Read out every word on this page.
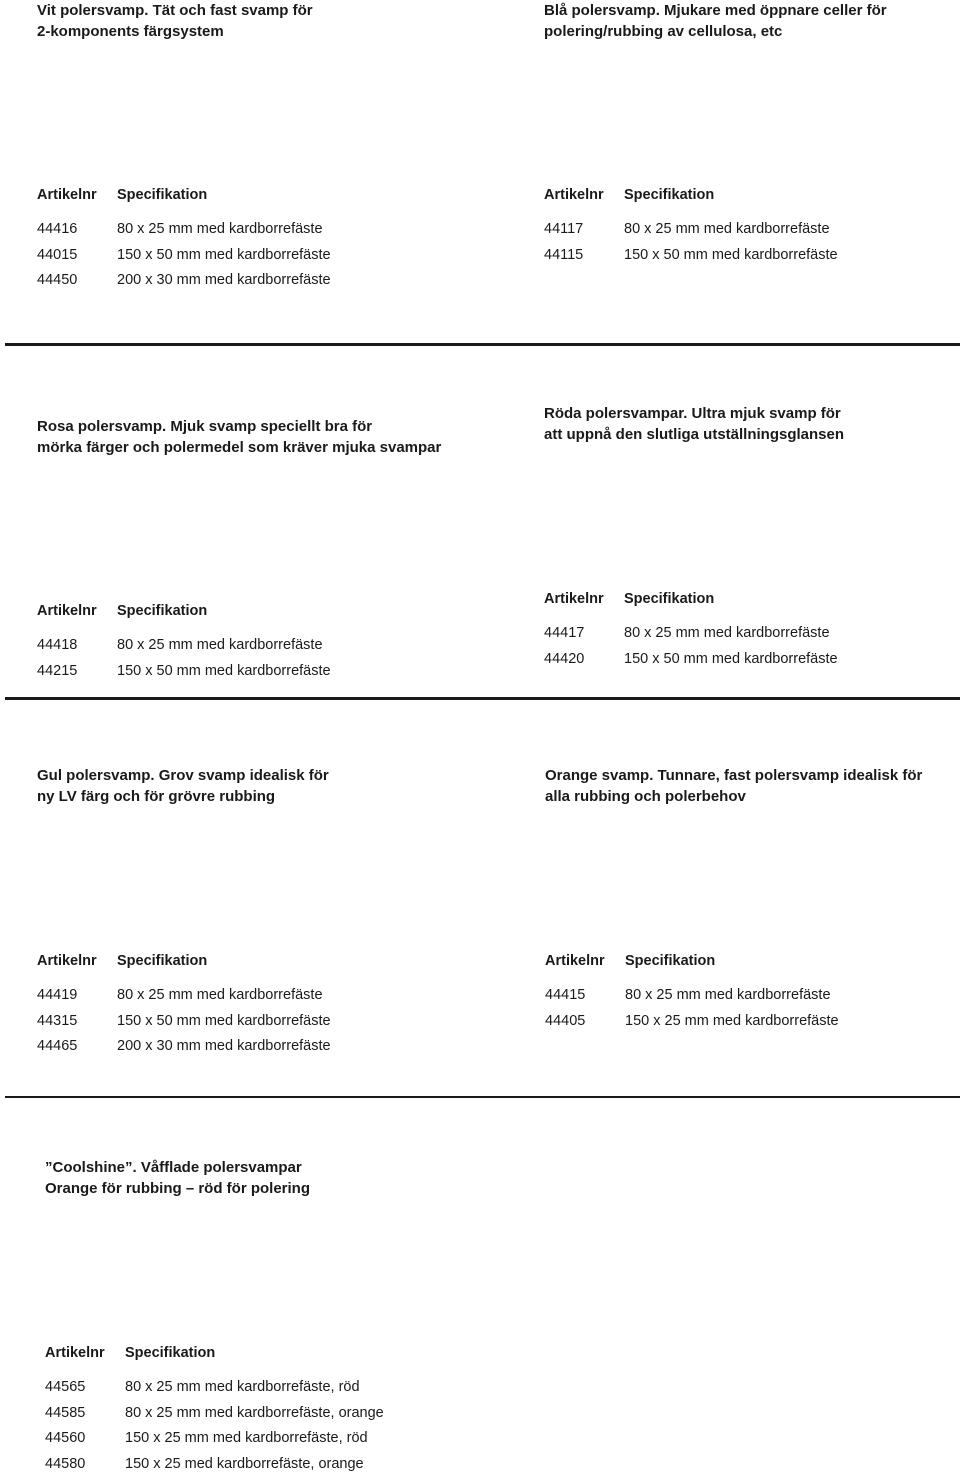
Vit polersvamp. Tät och fast svamp för
2-komponents färgsystem
Artikelnr	Specifikation
44416	80 x 25 mm med kardborrefäste
44015	150 x 50 mm med kardborrefäste
44450	200 x 30 mm med kardborrefäste
Blå polersvamp. Mjukare med öppnare celler för
polering/rubbing av cellulosa, etc
Artikelnr	Specifikation
44117	80 x 25 mm med kardborrefäste
44115	150 x 50 mm med kardborrefäste
Rosa polersvamp. Mjuk svamp speciellt bra för
mörka färger och polermedel som kräver mjuka svampar
Artikelnr	Specifikation
44418	80 x 25 mm med kardborrefäste
44215	150 x 50 mm med kardborrefäste
Röda polersvampar. Ultra mjuk svamp för
att uppnå den slutliga utställningsglansen
Artikelnr	Specifikation
44417	80 x 25 mm med kardborrefäste
44420	150 x 50 mm med kardborrefäste
Gul polersvamp. Grov svamp idealisk för
ny LV färg och för grövre rubbing
Artikelnr	Specifikation
44419	80 x 25 mm med kardborrefäste
44315	150 x 50 mm med kardborrefäste
44465	200 x 30 mm med kardborrefäste
Orange svamp. Tunnare, fast polersvamp idealisk för
alla rubbing och polerbehov
Artikelnr	Specifikation
44415	80 x 25 mm med kardborrefäste
44405	150 x 25 mm med kardborrefäste
”Coolshine”. Våfflade polersvampar
Orange för rubbing – röd för polering
Artikelnr	Specifikation
44565	80 x 25 mm med kardborrefäste, röd
44585	80 x 25 mm med kardborrefäste, orange
44560	150 x 25 mm med kardborrefäste, röd
44580	150 x 25 med kardborrefäste, orange
